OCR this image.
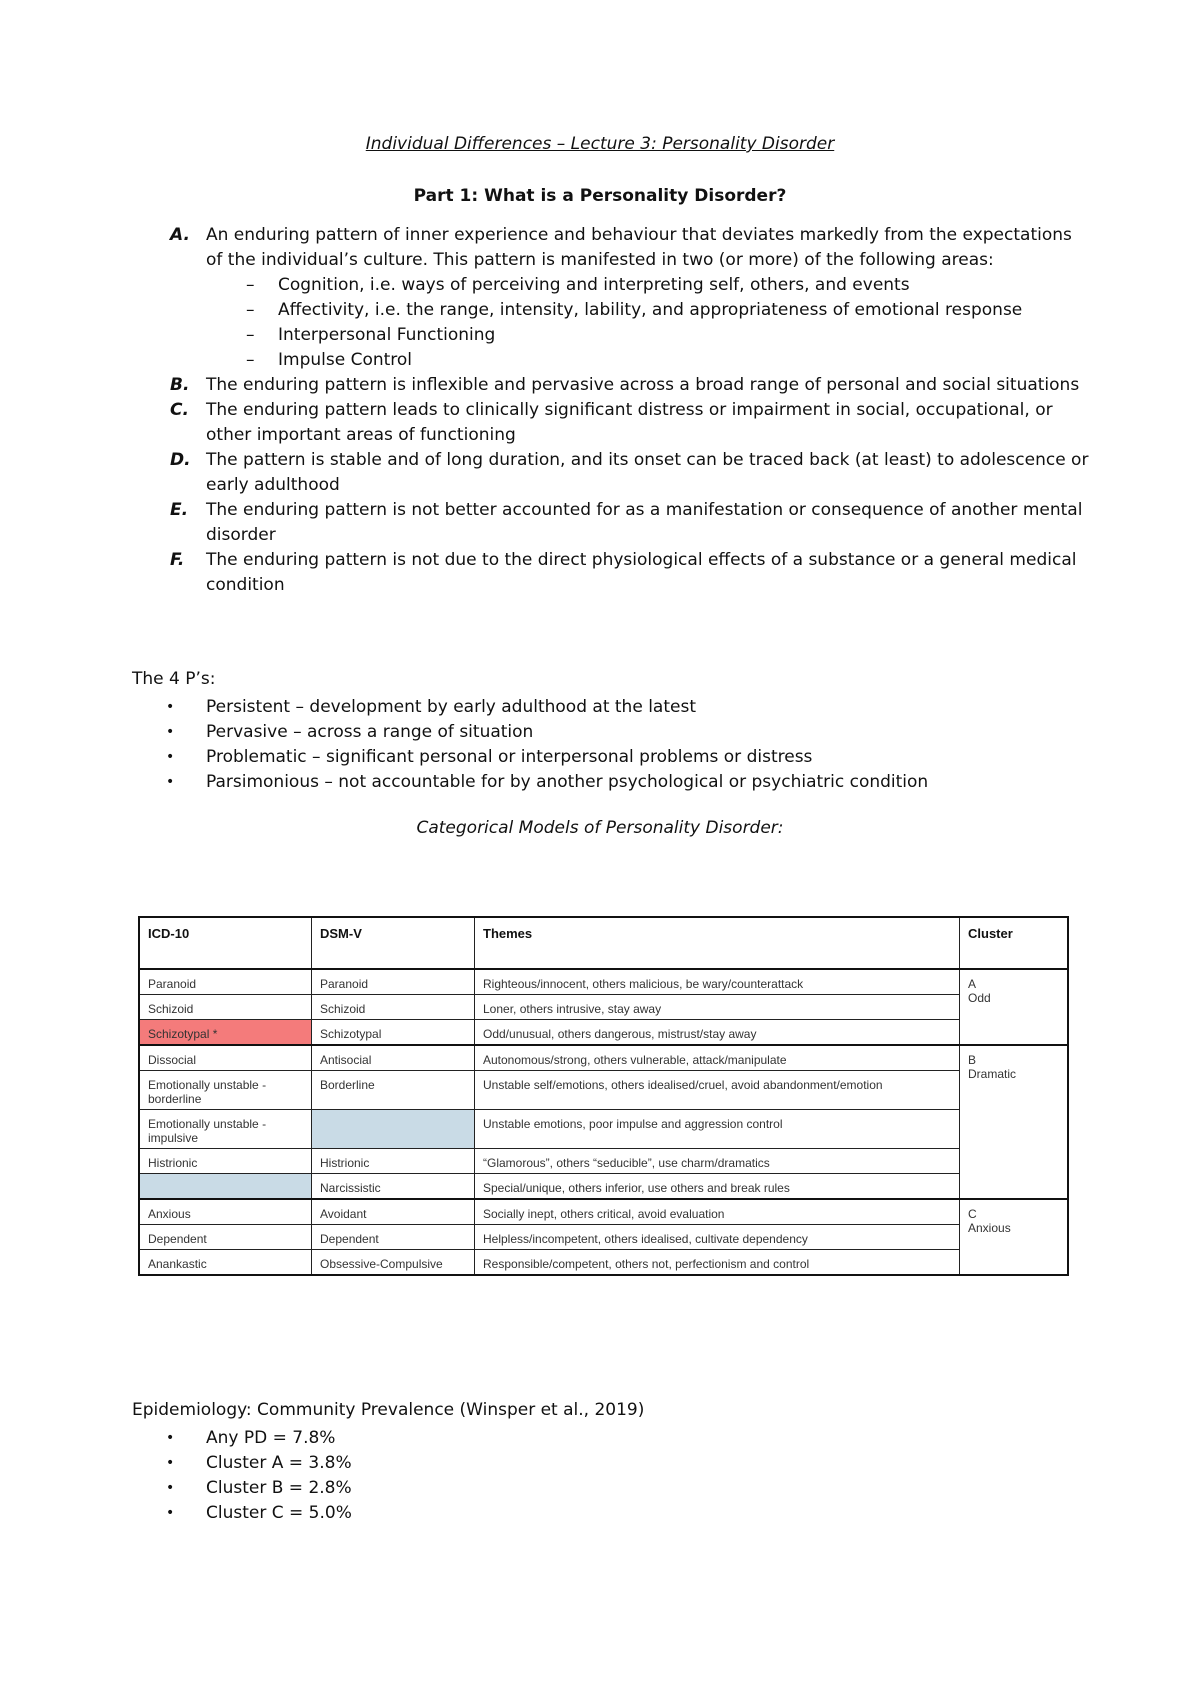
Individual Differences – Lecture 3: Personality Disorder
Part 1: What is a Personality Disorder?
A. An enduring pattern of inner experience and behaviour that deviates markedly from the expectations of the individual’s culture. This pattern is manifested in two (or more) of the following areas:
– Cognition, i.e. ways of perceiving and interpreting self, others, and events
– Affectivity, i.e. the range, intensity, lability, and appropriateness of emotional response
– Interpersonal Functioning
– Impulse Control
B. The enduring pattern is inflexible and pervasive across a broad range of personal and social situations
C. The enduring pattern leads to clinically significant distress or impairment in social, occupational, or other important areas of functioning
D. The pattern is stable and of long duration, and its onset can be traced back (at least) to adolescence or early adulthood
E. The enduring pattern is not better accounted for as a manifestation or consequence of another mental disorder
F. The enduring pattern is not due to the direct physiological effects of a substance or a general medical condition
The 4 P’s:
• Persistent – development by early adulthood at the latest
• Pervasive – across a range of situation
• Problematic – significant personal or interpersonal problems or distress
• Parsimonious – not accountable for by another psychological or psychiatric condition
Categorical Models of Personality Disorder:
ICD-10	DSM-V	Themes	Cluster
Paranoid	Paranoid	Righteous/innocent, others malicious, be wary/counterattack	A
Odd

Schizoid	Schizoid	Loner, others intrusive, stay away	
Schizotypal *	Schizotypal	Odd/unusual, others dangerous, mistrust/stay away	
Dissocial	Antisocial	Autonomous/strong, others vulnerable, attack/manipulate	B
Dramatic

Emotionally unstable - borderline	Borderline	Unstable self/emotions, others idealised/cruel, avoid abandonment/emotion	
Emotionally unstable - impulsive		Unstable emotions, poor impulse and aggression control	
Histrionic	Histrionic	“Glamorous”, others “seducible”, use charm/dramatics	
	Narcissistic	Special/unique, others inferior, use others and break rules	
Anxious	Avoidant	Socially inept, others critical, avoid evaluation	C
Anxious

Dependent	Dependent	Helpless/incompetent, others idealised, cultivate dependency	
Anankastic	Obsessive-Compulsive	Responsible/competent, others not, perfectionism and control	
Epidemiology: Community Prevalence (Winsper et al., 2019)
• Any PD = 7.8%
• Cluster A = 3.8%
• Cluster B = 2.8%
• Cluster C = 5.0%
